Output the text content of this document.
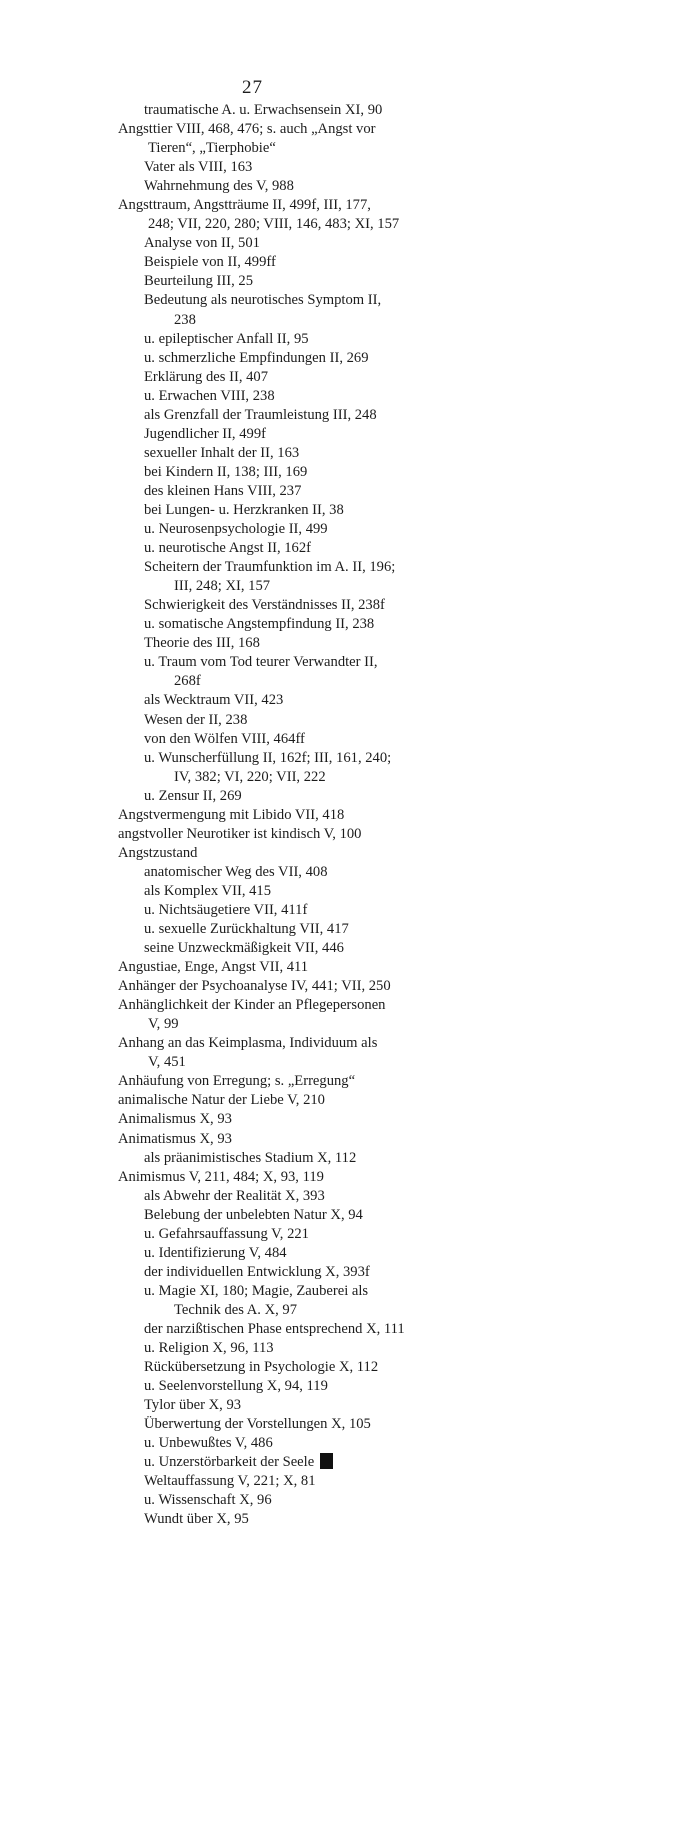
27
traumatische A. u. Erwachsensein XI, 90
Angsttier VIII, 468, 476; s. auch „Angst vor
Tieren“, „Tierphobie“
Vater als VIII, 163
Wahrnehmung des V, 988
Angsttraum, Angstträume II, 499f, III, 177,
248; VII, 220, 280; VIII, 146, 483; XI, 157
Analyse von II, 501
Beispiele von II, 499ff
Beurteilung III, 25
Bedeutung als neurotisches Symptom II,
238
u. epileptischer Anfall II, 95
u. schmerzliche Empfindungen II, 269
Erklärung des II, 407
u. Erwachen VIII, 238
als Grenzfall der Traumleistung III, 248
Jugendlicher II, 499f
sexueller Inhalt der II, 163
bei Kindern II, 138; III, 169
des kleinen Hans VIII, 237
bei Lungen- u. Herzkranken II, 38
u. Neurosenpsychologie II, 499
u. neurotische Angst II, 162f
Scheitern der Traumfunktion im A. II, 196;
III, 248; XI, 157
Schwierigkeit des Verständnisses II, 238f
u. somatische Angstempfindung II, 238
Theorie des III, 168
u. Traum vom Tod teurer Verwandter II,
268f
als Wecktraum VII, 423
Wesen der II, 238
von den Wölfen VIII, 464ff
u. Wunscherfüllung II, 162f; III, 161, 240;
IV, 382; VI, 220; VII, 222
u. Zensur II, 269
Angstvermengung mit Libido VII, 418
angstvoller Neurotiker ist kindisch V, 100
Angstzustand
anatomischer Weg des VII, 408
als Komplex VII, 415
u. Nichtsäugetiere VII, 411f
u. sexuelle Zurückhaltung VII, 417
seine Unzweckmäßigkeit VII, 446
Angustiae, Enge, Angst VII, 411
Anhänger der Psychoanalyse IV, 441; VII, 250
Anhänglichkeit der Kinder an Pflegepersonen
V, 99
Anhang an das Keimplasma, Individuum als
V, 451
Anhäufung von Erregung; s. „Erregung“
animalische Natur der Liebe V, 210
Animalismus X, 93
Animatismus X, 93
als präanimistisches Stadium X, 112
Animismus V, 211, 484; X, 93, 119
als Abwehr der Realität X, 393
Belebung der unbelebten Natur X, 94
u. Gefahrsauffassung V, 221
u. Identifizierung V, 484
der individuellen Entwicklung X, 393f
u. Magie XI, 180; Magie, Zauberei als
Technik des A. X, 97
der narzißtischen Phase entsprechend X, 111
u. Religion X, 96, 113
Rückübersetzung in Psychologie X, 112
u. Seelenvorstellung X, 94, 119
Tylor über X, 93
Überwertung der Vorstellungen X, 105
u. Unbewußtes V, 486
u. Unzerstörbarkeit der Seele
Weltauffassung V, 221; X, 81
u. Wissenschaft X, 96
Wundt über X, 95
